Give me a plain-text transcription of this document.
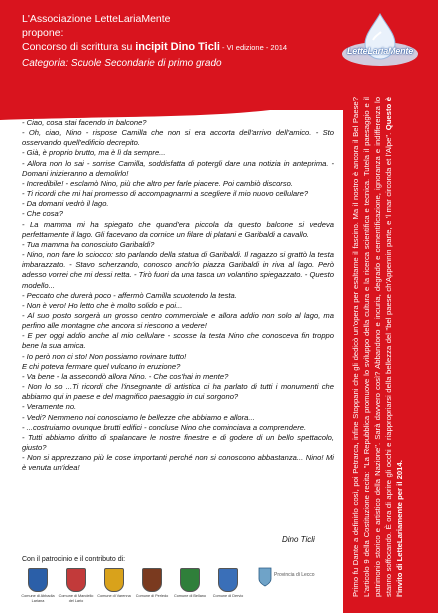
L'Associazione LetteLariaMente
propone:
Concorso di scrittura su incipit Dino Ticli - VI edizione - 2014
Categoria: Scuole Secondarie di primo grado
LetteLariaMente

- Ciao, cosa stai facendo in balcone?

- Oh, ciao, Nino - rispose Camilla che non si era accorta dell'arrivo dell'amico. - Sto osservando quell'edificio decrepito.

- Già, è proprio brutto, ma è lì da sempre...

- Allora non lo sai - sorrise Camilla, soddisfatta di potergli dare una notizia in anteprima. - Domani inizieranno a demolirlo!

- Incredibile! - esclamò Nino, più che altro per farle piacere. Poi cambiò discorso.

- Ti ricordi che mi hai promesso di accompagnarmi a scegliere il mio nuovo cellulare?

- Da domani vedrò il lago.

- Che cosa?

- La mamma mi ha spiegato che quand'era piccola da questo balcone si vedeva perfettamente il lago. Gli facevano da cornice un filare di platani e Garibaldi a cavallo.

- Tua mamma ha conosciuto Garibaldi?

- Nino, non fare lo sciocco: sto parlando della statua di Garibaldi. Il ragazzo si grattò la testa imbarazzato. - Stavo scherzando, conosco anch'io piazza Garibaldi in riva al lago. Però adesso vorrei che mi dessi retta. - Tirò fuori da una tasca un volantino spiegazzato. - Questo modello...

- Peccato che durerà poco - affermò Camilla scuotendo la testa.

- Non è vero! Ho letto che è molto solido e poi...

- Al suo posto sorgerà un grosso centro commerciale e allora addio non solo al lago, ma perfino alle montagne che ancora si riescono a vedere!

- E per oggi addio anche al mio cellulare - scosse la testa Nino che conosceva fin troppo bene la sua amica.

- Io però non ci sto! Non possiamo rovinare tutto!

E chi poteva fermare quel vulcano in eruzione?

- Va bene - la assecondò allora Nino. - Che cos'hai in mente?

- Non lo so ...Ti ricordi che l'insegnante di artistica ci ha parlato di tutti i monumenti che abbiamo qui in paese e del magnifico paesaggio in cui sorgono?

- Veramente no.

- Vedi? Nemmeno noi conosciamo le bellezze che abbiamo e allora...

- ...costruiamo ovunque brutti edifici - concluse Nino che cominciava a comprendere.

- Tutti abbiamo diritto di spalancare le nostre finestre e di godere di un bello spettacolo, giusto?

- Non si apprezzano più le cose importanti perché non si conoscono abbastanza... Nino! Mi è venuta un'idea!

Dino Ticli	Primo fu Dante a definirlo così, poi Petrarca, infine Stoppani che gli dedicò un'opera per esaltarne il fascino. Ma il nostro è ancora il Bel Paese? L'articolo 9 della Costituzione recita: "La Repubblica promuove lo sviluppo della cultura e la ricerca scientifica e tecnica. Tutela il paesaggio e il patrimonio storico e artistico della Nazione". Sarà davvero così? Abbandono e incuria, degrado e cementificazione, ignoranza e indifferenza lo stanno soffocando. È ora di aprire gli occhi e riappropriarsi della bellezza del "bel paese ch'Appennin parte, e 'l mar circonda et l'Alpe". Questo è l'invito di LetteLariamente per il 2014.
Con il patrocinio e il contributo di:
Comune di Abbadia Lariana
Comune di Mandello del Lario
Comune di Varenna	Comune di Perledo	Comune di Bellano	Comune di Dervio
Provincia di Lecco
